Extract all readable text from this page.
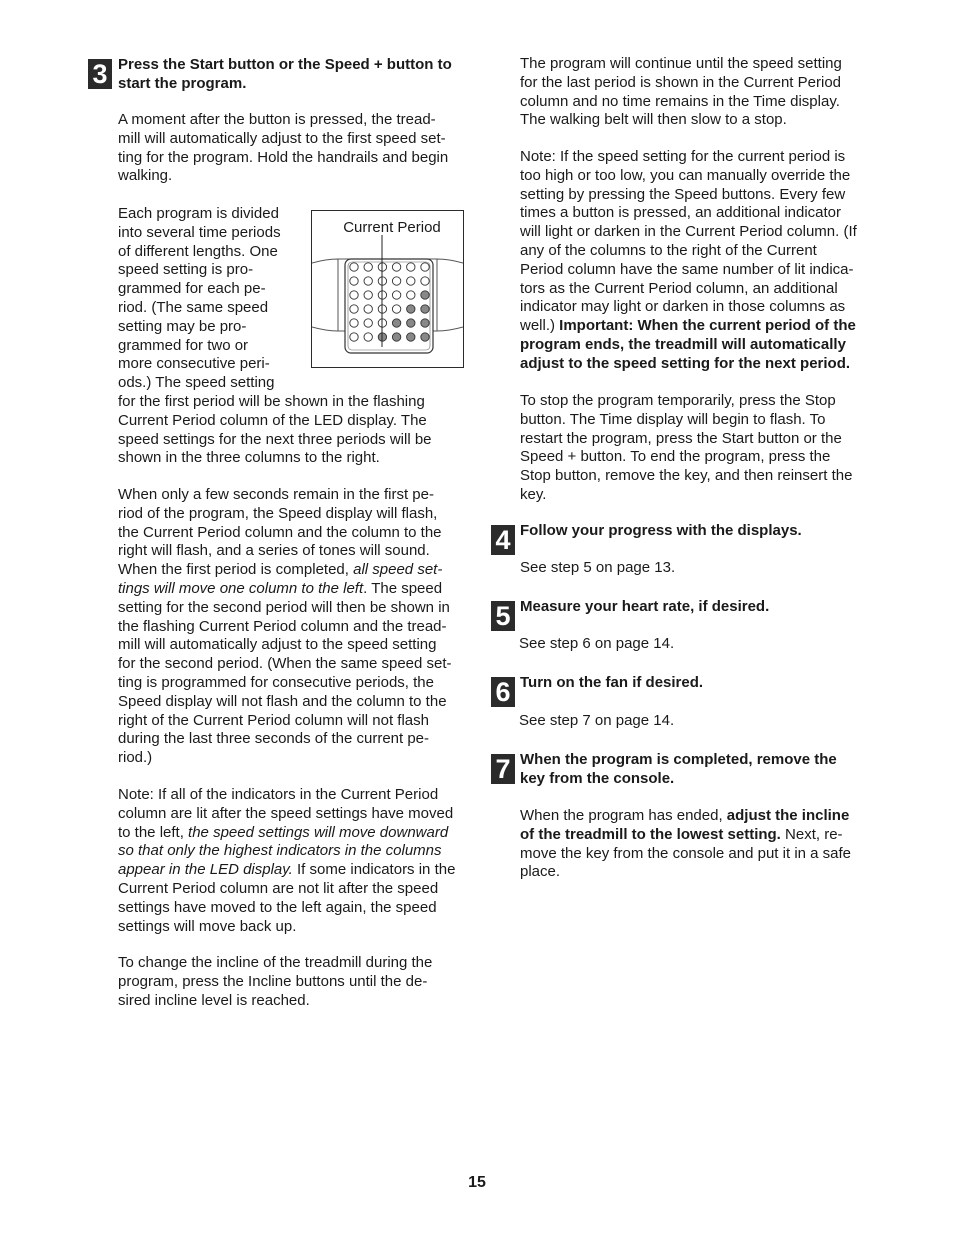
3 Press the Start button or the Speed + button to start the program.

A moment after the button is pressed, the tread-

mill will automatically adjust to the first speed set-

ting for the program. Hold the handrails and begin

walking.

Each program is divided

into several time periods

of different lengths. One

speed setting is pro-

grammed for each pe-

riod. (The same speed

setting may be pro-

grammed for two or

more consecutive peri-

ods.) The speed setting

for the first period will be shown in the flashing

Current Period column of the LED display. The

speed settings for the next three periods will be

shown in the three columns to the right.

Current Period

When only a few seconds remain in the first pe-

riod of the program, the Speed display will flash,

the Current Period column and the column to the

right will flash, and a series of tones will sound.

When the first period is completed, all speed set-

tings will move one column to the left. The speed

setting for the second period will then be shown in

the flashing Current Period column and the tread-

mill will automatically adjust to the speed setting

for the second period. (When the same speed set-

ting is programmed for consecutive periods, the

Speed display will not flash and the column to the

right of the Current Period column will not flash

during the last three seconds of the current pe-

riod.)

Note: If all of the indicators in the Current Period

column are lit after the speed settings have moved

to the left, the speed settings will move downward

so that only the highest indicators in the columns

appear in the LED display. If some indicators in the

Current Period column are not lit after the speed

settings have moved to the left again, the speed

settings will move back up.

To change the incline of the treadmill during the

program, press the Incline buttons until the de-

sired incline level is reached.

The program will continue until the speed setting

for the last period is shown in the Current Period

column and no time remains in the Time display.

The walking belt will then slow to a stop.

Note: If the speed setting for the current period is

too high or too low, you can manually override the

setting by pressing the Speed buttons. Every few

times a button is pressed, an additional indicator

will light or darken in the Current Period column. (If

any of the columns to the right of the Current

Period column have the same number of lit indica-

tors as the Current Period column, an additional

indicator may light or darken in those columns as

well.) Important: When the current period of the

program ends, the treadmill will automatically

adjust to the speed setting for the next period.

To stop the program temporarily, press the Stop

button. The Time display will begin to flash. To

restart the program, press the Start button or the

Speed + button. To end the program, press the

Stop button, remove the key, and then reinsert the

key.

4 Follow your progress with the displays.
See step 5 on page 13.
5 Measure your heart rate, if desired.
See step 6 on page 14.
6 Turn on the fan if desired.
See step 7 on page 14.
7 When the program is completed, remove the
key from the console.

When the program has ended, adjust the incline

of the treadmill to the lowest setting. Next, re-

move the key from the console and put it in a safe

place.

15
